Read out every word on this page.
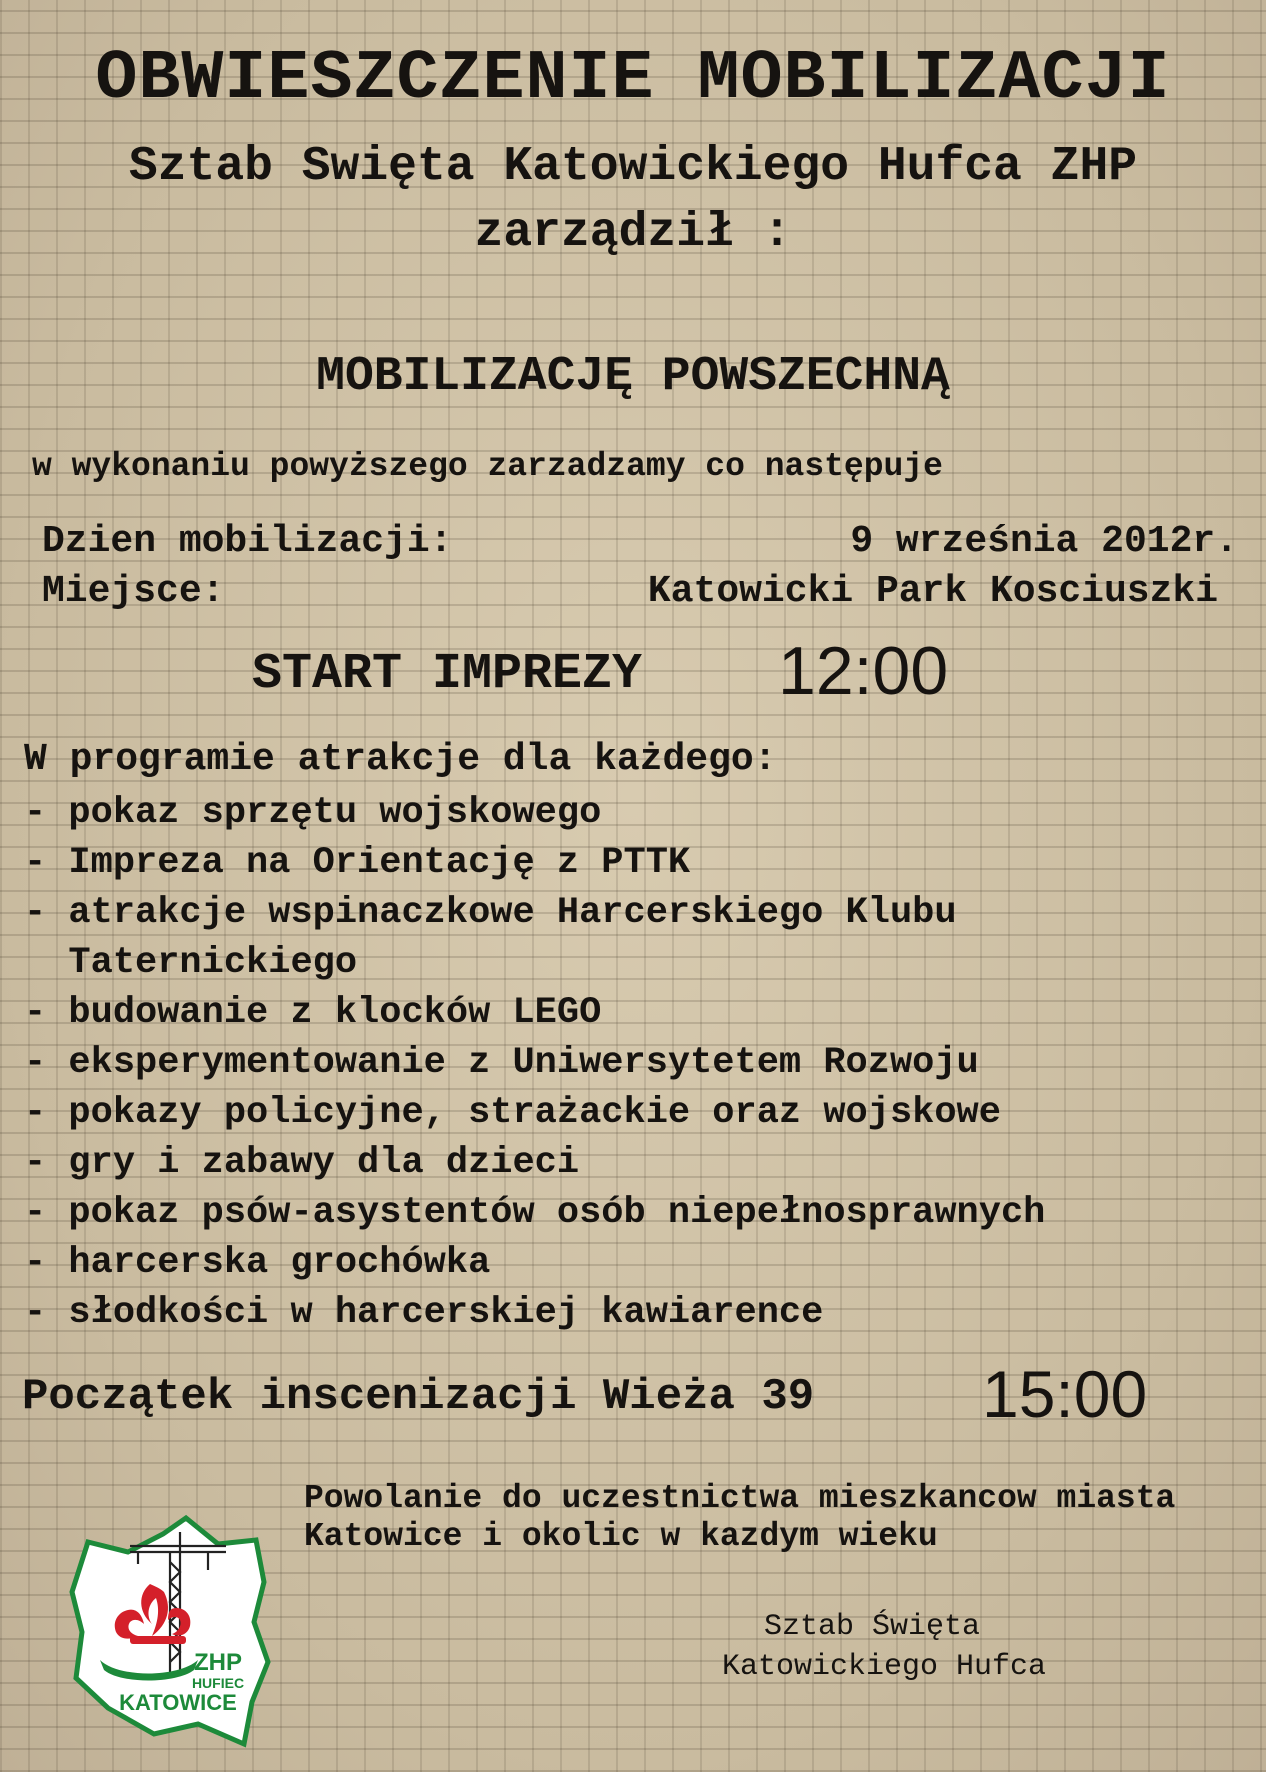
OBWIESZCZENIE MOBILIZACJI
Sztab Swięta Katowickiego Hufca ZHP
zarządził :
MOBILIZACJĘ POWSZECHNĄ
w wykonaniu powyższego zarzadzamy co następuje
Dzien mobilizacji:	9 września 2012r.
Miejsce:	Katowicki Park Kosciuszki
START IMPREZY 12:00
W programie atrakcje dla każdego:
- pokaz sprzętu wojskowego
- Impreza na Orientację z PTTK
- atrakcje wspinaczkowe Harcerskiego Klubu
Taternickiego
- budowanie z klocków LEGO
- eksperymentowanie z Uniwersytetem Rozwoju
- pokazy policyjne, strażackie oraz wojskowe
- gry i zabawy dla dzieci
- pokaz psów-asystentów osób niepełnosprawnych
- harcerska grochówka
- słodkości w harcerskiej kawiarence
Początek inscenizacji Wieża 39	15:00
Powolanie do uczestnictwa mieszkancow miasta
Katowice i okolic w kazdym wieku
Sztab Święta
Katowickiego Hufca
ZHP
HUFIEC
KATOWICE
